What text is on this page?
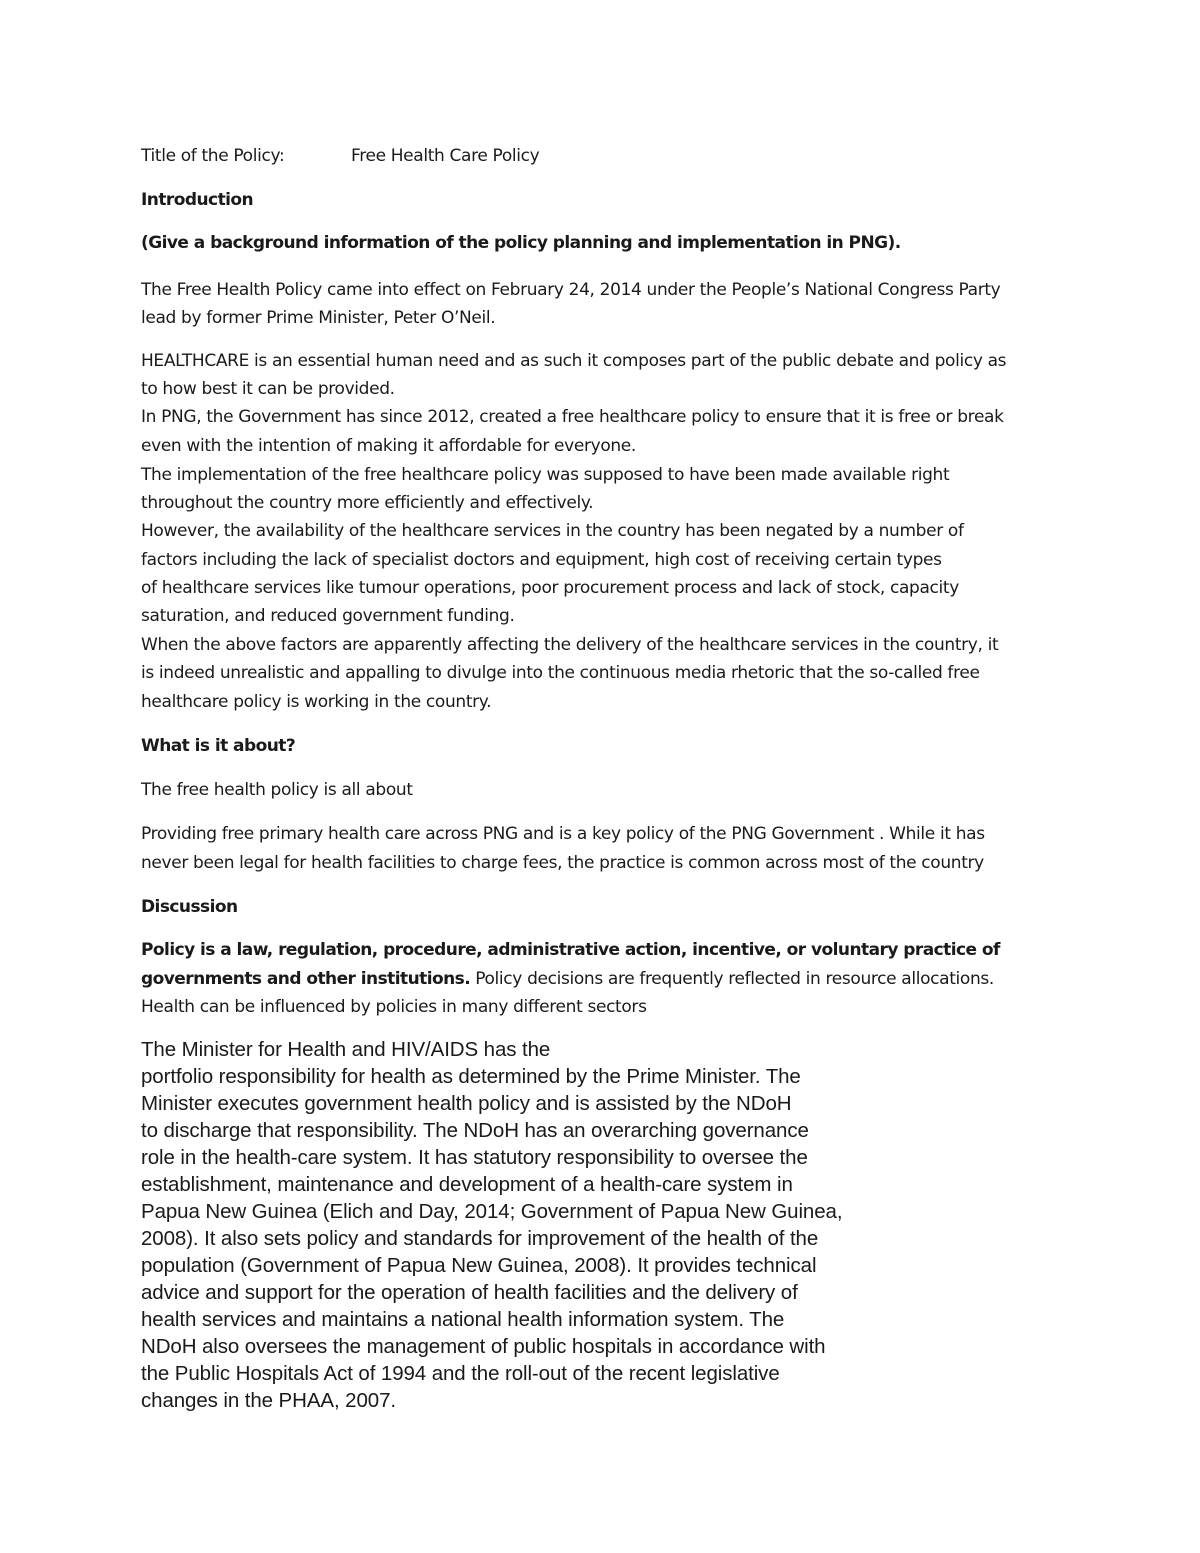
Title of the Policy:	Free Health Care Policy
Introduction
(Give a background information of the policy planning and implementation in PNG).
The Free Health Policy came into effect on February 24, 2014 under the People’s National Congress Party
lead by former Prime Minister, Peter O’Neil.
HEALTHCARE is an essential human need and as such it composes part of the public debate and policy as
to how best it can be provided.
In PNG, the Government has since 2012, created a free healthcare policy to ensure that it is free or break
even with the intention of making it affordable for everyone.
The implementation of the free healthcare policy was supposed to have been made available right
throughout the country more efficiently and effectively.
However, the availability of the healthcare services in the country has been negated by a number of
factors including the lack of specialist doctors and equipment, high cost of receiving certain types
of healthcare services like tumour operations, poor procurement process and lack of stock, capacity
saturation, and reduced government funding.
When the above factors are apparently affecting the delivery of the healthcare services in the country, it
is indeed unrealistic and appalling to divulge into the continuous media rhetoric that the so-called free
healthcare policy is working in the country.
What is it about?
The free health policy is all about
Providing free primary health care across PNG and is a key policy of the PNG Government . While it has
never been legal for health facilities to charge fees, the practice is common across most of the country
Discussion
Policy is a law, regulation, procedure, administrative action, incentive, or voluntary practice of
governments and other institutions. Policy decisions are frequently reflected in resource allocations.
Health can be influenced by policies in many different sectors
The Minister for Health and HIV/AIDS has the
portfolio responsibility for health as determined by the Prime Minister. The
Minister executes government health policy and is assisted by the NDoH
to discharge that responsibility. The NDoH has an overarching governance
role in the health-care system. It has statutory responsibility to oversee the
establishment, maintenance and development of a health-care system in
Papua New Guinea (Elich and Day, 2014; Government of Papua New Guinea,
2008). It also sets policy and standards for improvement of the health of the
population (Government of Papua New Guinea, 2008). It provides technical
advice and support for the operation of health facilities and the delivery of
health services and maintains a national health information system. The
NDoH also oversees the management of public hospitals in accordance with
the Public Hospitals Act of 1994 and the roll-out of the recent legislative
changes in the PHAA, 2007.
